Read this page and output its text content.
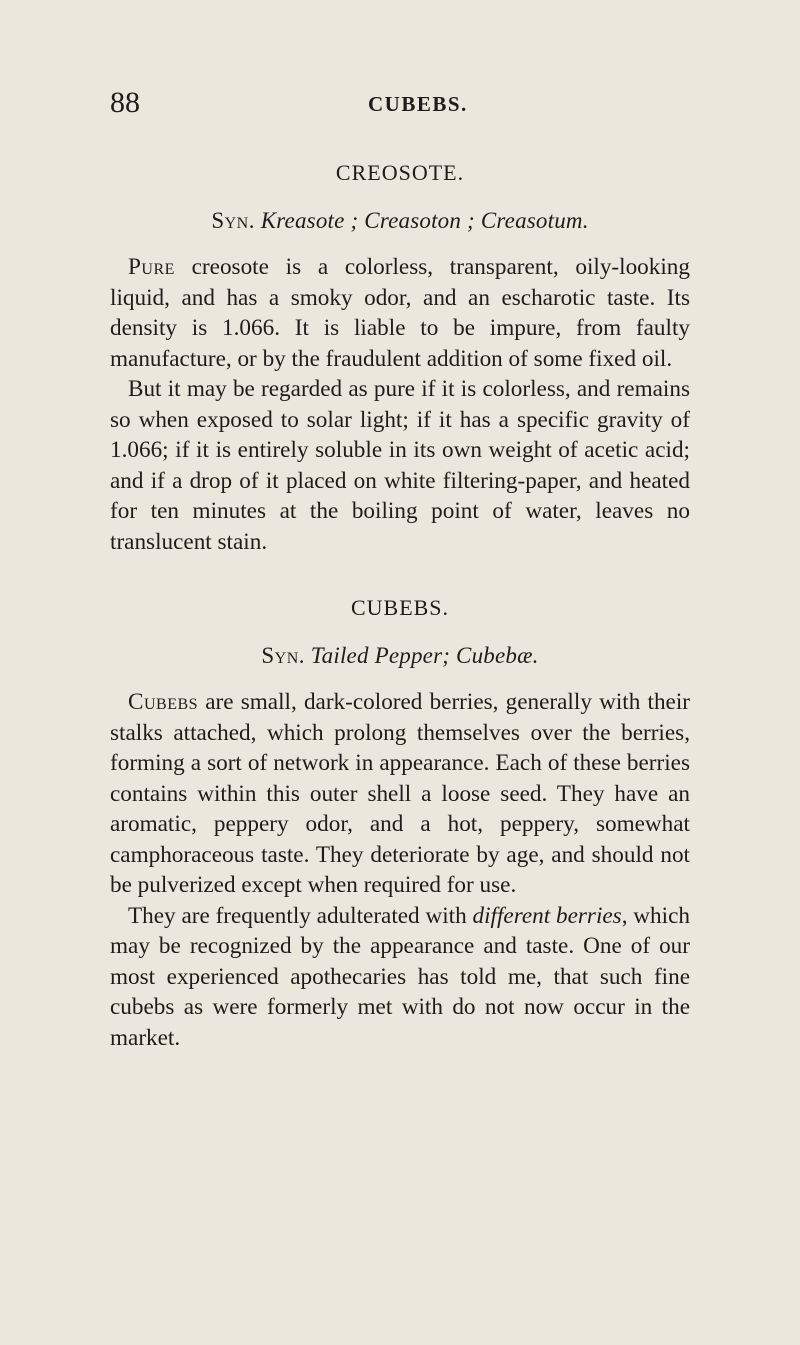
88	CUBEBS.
CREOSOTE.
Syn. Kreasote ; Creasoton ; Creasotum.

Pure creosote is a colorless, transparent, oily-looking liquid, and has a smoky odor, and an escharotic taste. Its density is 1.066. It is liable to be impure, from faulty manufacture, or by the fraudulent addition of some fixed oil.

But it may be regarded as pure if it is colorless, and remains so when exposed to solar light; if it has a specific gravity of 1.066; if it is entirely soluble in its own weight of acetic acid; and if a drop of it placed on white filtering-paper, and heated for ten minutes at the boiling point of water, leaves no translucent stain.

CUBEBS.
Syn. Tailed Pepper; Cubebæ.

Cubebs are small, dark-colored berries, generally with their stalks attached, which prolong themselves over the berries, forming a sort of network in appearance. Each of these berries contains within this outer shell a loose seed. They have an aromatic, peppery odor, and a hot, peppery, somewhat camphoraceous taste. They deteriorate by age, and should not be pulverized except when required for use.

They are frequently adulterated with different berries, which may be recognized by the appearance and taste. One of our most experienced apothecaries has told me, that such fine cubebs as were formerly met with do not now occur in the market.
